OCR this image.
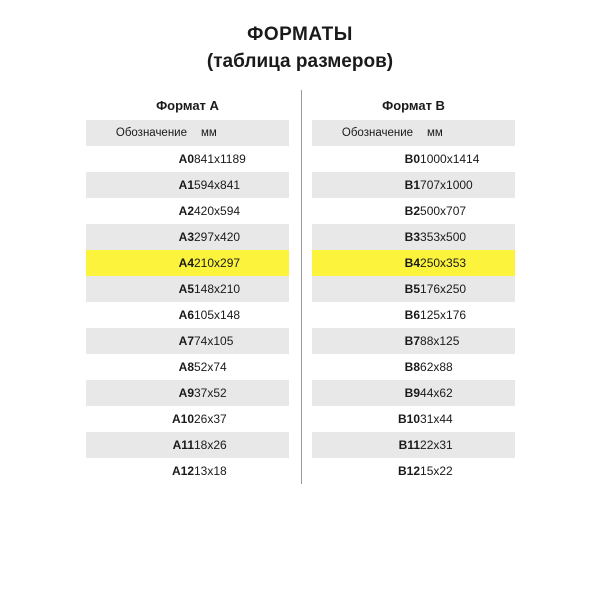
ФОРМАТЫ
(таблица размеров)
Формат А				Формат В	
Обозначение	мм				Обозначение	мм
A0	841x1189				B0	1000x1414
A1	594x841				B1	707x1000
A2	420x594				B2	500x707
A3	297x420				B3	353x500
A4	210x297				B4	250x353
A5	148x210				B5	176x250
A6	105x148				B6	125x176
A7	74x105				B7	88x125
A8	52x74				B8	62x88
A9	37x52				B9	44x62
A10	26x37				B10	31x44
A11	18x26				B11	22x31
A12	13x18				B12	15x22
